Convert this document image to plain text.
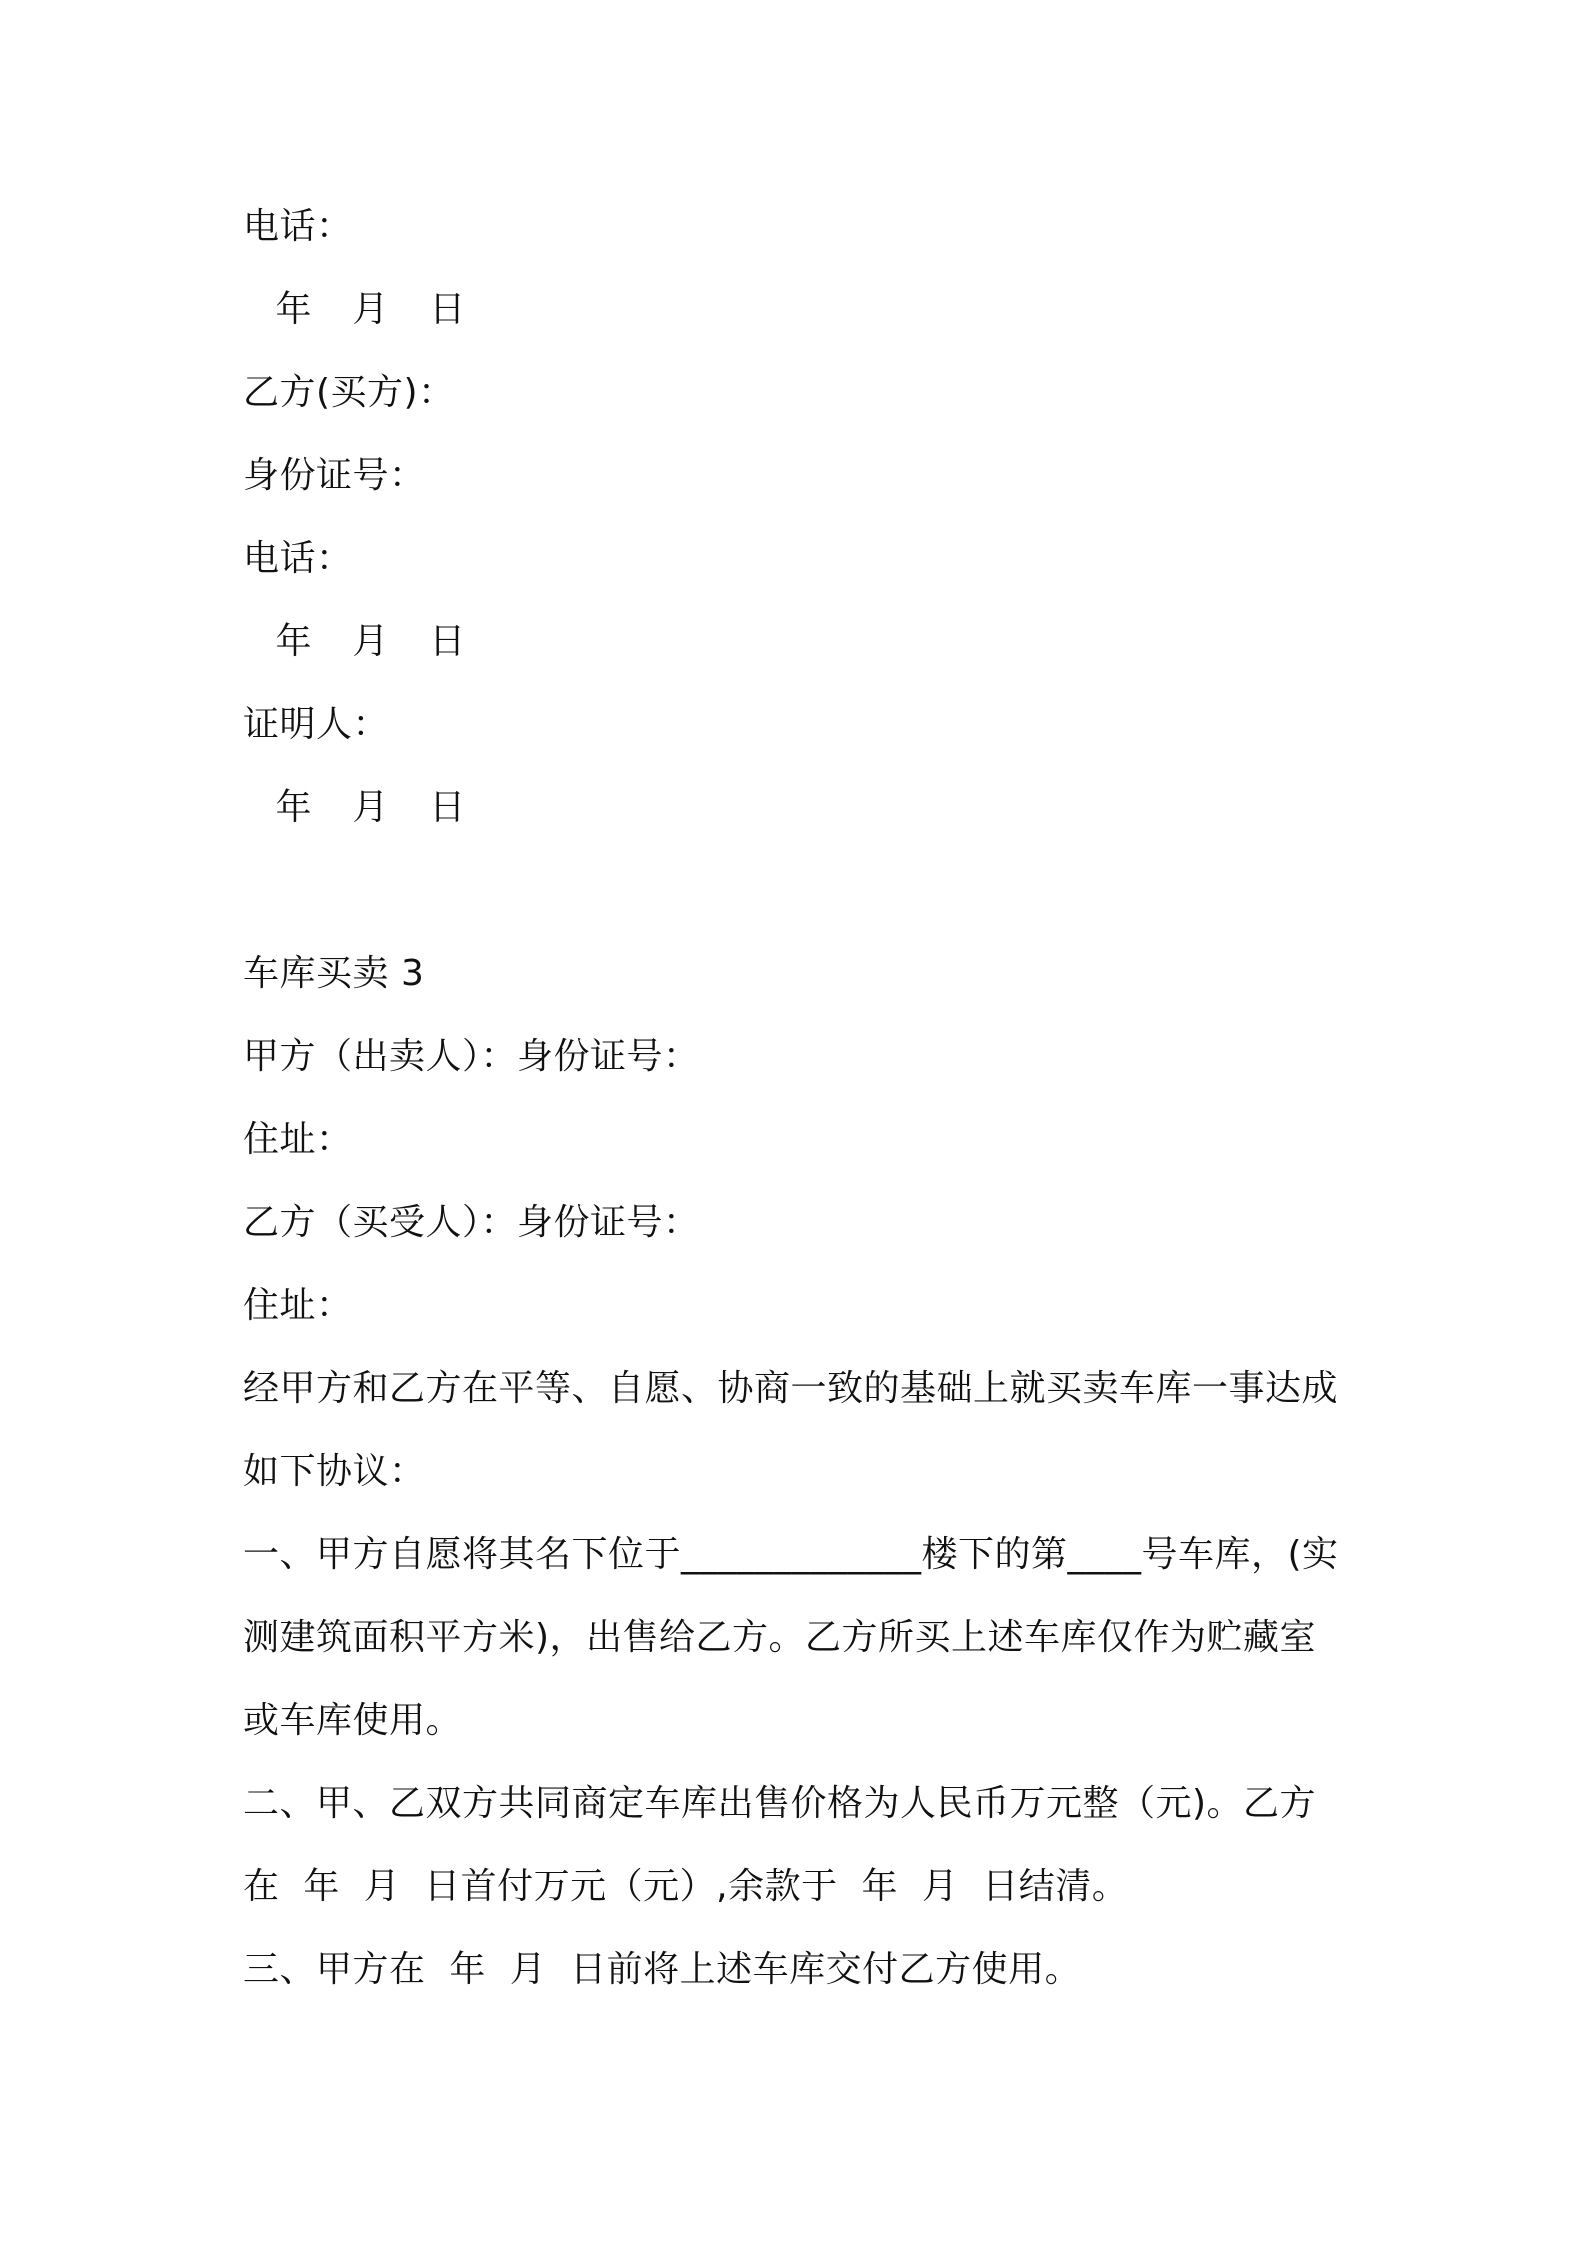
电话：
年  月  日
乙方(买方)：
身份证号：
电话：
年  月  日
证明人：
年  月  日
车库买卖 3
甲方（出卖人）：身份证号：
住址：
乙方（买受人）：身份证号：
住址：
经甲方和乙方在平等、自愿、协商一致的基础上就买卖车库一事达成
如下协议：
一、甲方自愿将其名下位于_____________楼下的第____号车库，(实
测建筑面积平方米)，出售给乙方。乙方所买上述车库仅作为贮藏室
或车库使用。
二、甲、乙双方共同商定车库出售价格为人民币万元整（元)。乙方
在  年  月  日首付万元（元）,余款于  年  月  日结清。
三、甲方在  年  月  日前将上述车库交付乙方使用。
